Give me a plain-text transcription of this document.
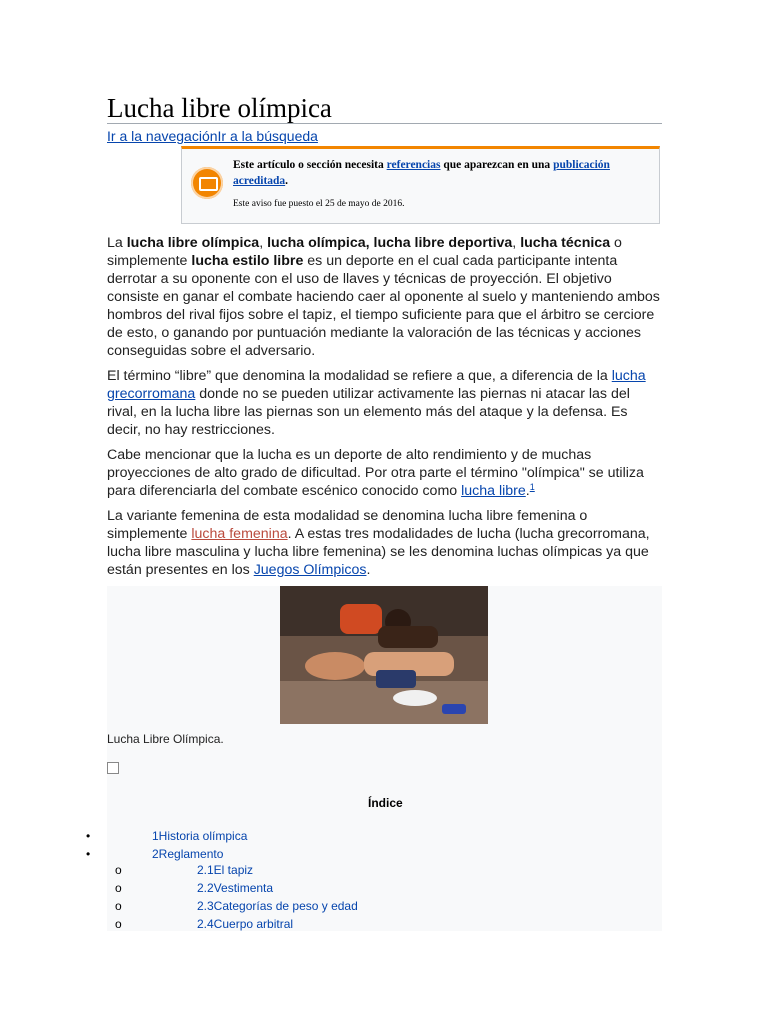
Lucha libre olímpica
Ir a la navegaciónIr a la búsqueda
Este artículo o sección necesita referencias que aparezcan en una publicación acreditada.
Este aviso fue puesto el 25 de mayo de 2016.
La lucha libre olímpica, lucha olímpica, lucha libre deportiva, lucha técnica o simplemente lucha estilo libre es un deporte en el cual cada participante intenta derrotar a su oponente con el uso de llaves y técnicas de proyección. El objetivo consiste en ganar el combate haciendo caer al oponente al suelo y manteniendo ambos hombros del rival fijos sobre el tapiz, el tiempo suficiente para que el árbitro se cerciore de esto, o ganando por puntuación mediante la valoración de las técnicas y acciones conseguidas sobre el adversario.
El término “libre” que denomina la modalidad se refiere a que, a diferencia de la lucha grecorromana donde no se pueden utilizar activamente las piernas ni atacar las del rival, en la lucha libre las piernas son un elemento más del ataque y la defensa. Es decir, no hay restricciones.
Cabe mencionar que la lucha es un deporte de alto rendimiento y de muchas proyecciones de alto grado de dificultad. Por otra parte el término "olímpica" se utiliza para diferenciarla del combate escénico conocido como lucha libre.$^1$
La variante femenina de esta modalidad se denomina lucha libre femenina o simplemente lucha femenina. A estas tres modalidades de lucha (lucha grecorromana, lucha libre masculina y lucha libre femenina) se les denomina luchas olímpicas ya que están presentes en los Juegos Olímpicos.
Lucha Libre Olímpica.
Índice
•	1Historia olímpica
•	2Reglamento
o	2.1El tapiz
o	2.2Vestimenta
o	2.3Categorías de peso y edad
o	2.4Cuerpo arbitral
